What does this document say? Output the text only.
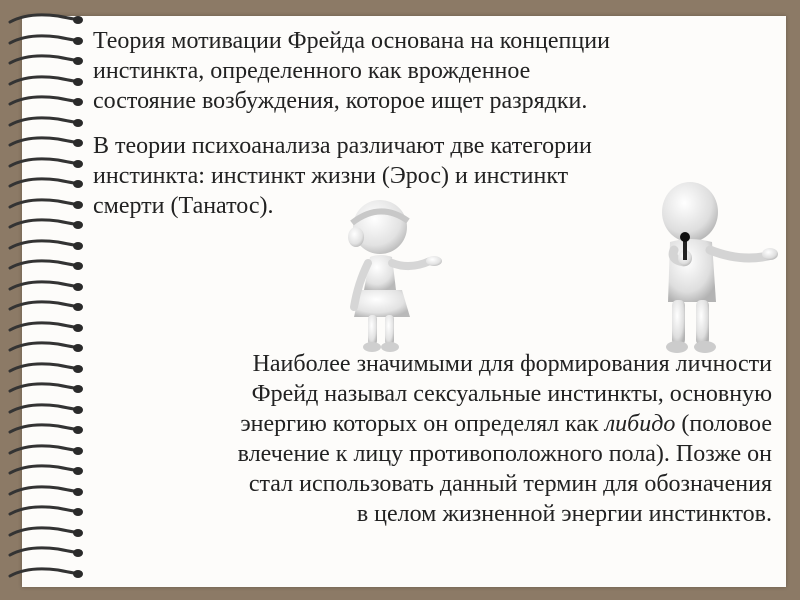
Теория мотивации Фрейда основана на концепции
инстинкта, определенного как врожденное
состояние возбуждения, которое ищет разрядки.
В теории психоанализа различают две категории
инстинкта: инстинкт жизни (Эрос) и инстинкт
смерти (Танатос).
Наиболее значимыми для формирования личности
Фрейд называл сексуальные инстинкты, основную
энергию которых он определял как либидо (половое
влечение к лицу противоположного пола). Позже он
стал использовать данный термин для обозначения
в целом жизненной энергии инстинктов.
